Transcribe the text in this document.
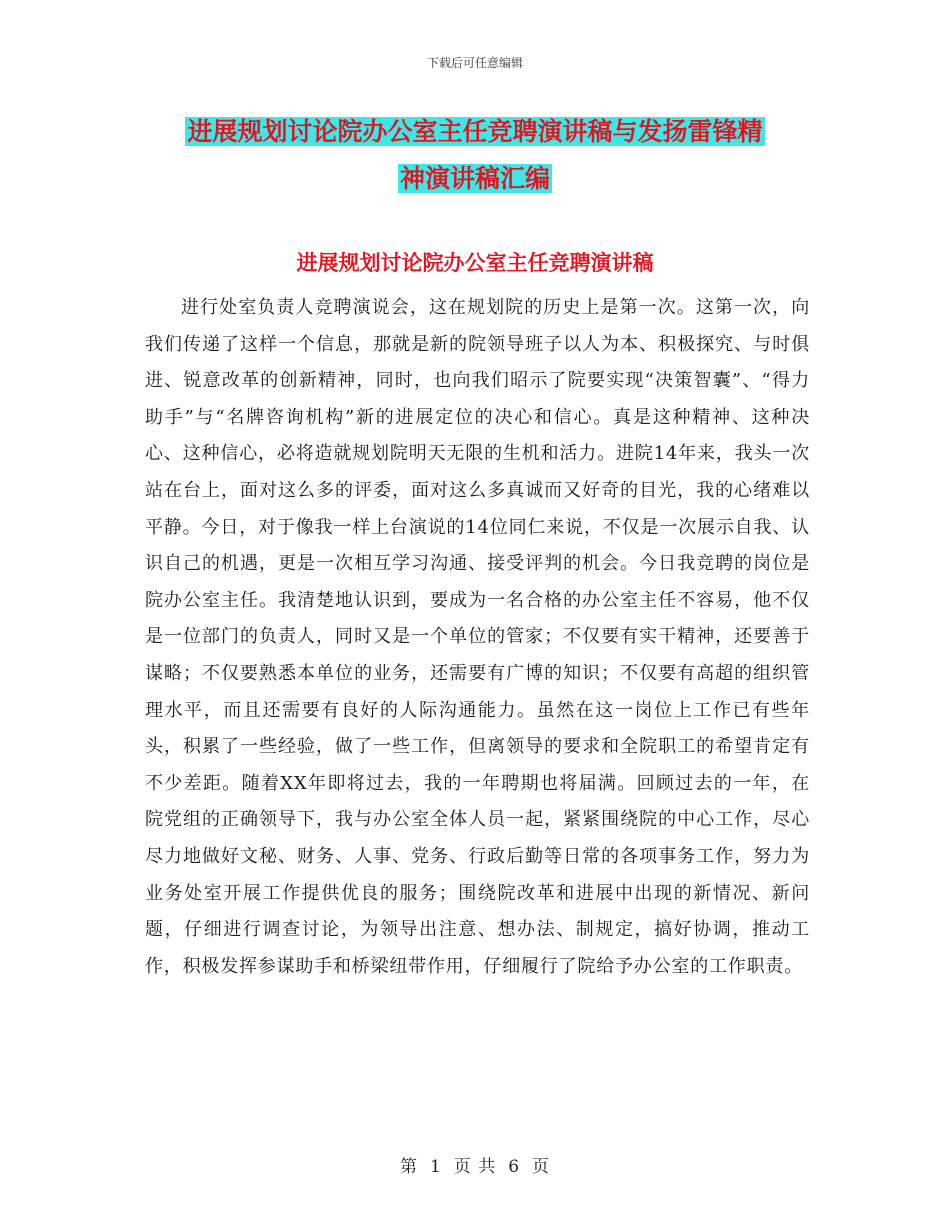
下载后可任意编辑
进展规划讨论院办公室主任竞聘演讲稿与发扬雷锋精
神演讲稿汇编
进展规划讨论院办公室主任竞聘演讲稿
进行处室负责人竞聘演说会，这在规划院的历史上是第一次。这第一次，向我们传递了这样一个信息，那就是新的院领导班子以人为本、积极探究、与时俱进、锐意改革的创新精神，同时，也向我们昭示了院要实现“决策智囊”、“得力助手”与“名牌咨询机构”新的进展定位的决心和信心。真是这种精神、这种决心、这种信心，必将造就规划院明天无限的生机和活力。进院14年来，我头一次站在台上，面对这么多的评委，面对这么多真诚而又好奇的目光，我的心绪难以平静。今日，对于像我一样上台演说的14位同仁来说，不仅是一次展示自我、认识自己的机遇，更是一次相互学习沟通、接受评判的机会。今日我竞聘的岗位是院办公室主任。我清楚地认识到，要成为一名合格的办公室主任不容易，他不仅是一位部门的负责人，同时又是一个单位的管家；不仅要有实干精神，还要善于谋略；不仅要熟悉本单位的业务，还需要有广博的知识；不仅要有高超的组织管理水平，而且还需要有良好的人际沟通能力。虽然在这一岗位上工作已有些年头，积累了一些经验，做了一些工作，但离领导的要求和全院职工的希望肯定有不少差距。随着XX年即将过去，我的一年聘期也将届满。回顾过去的一年，在院党组的正确领导下，我与办公室全体人员一起，紧紧围绕院的中心工作，尽心尽力地做好文秘、财务、人事、党务、行政后勤等日常的各项事务工作，努力为业务处室开展工作提供优良的服务；围绕院改革和进展中出现的新情况、新问题，仔细进行调查讨论，为领导出注意、想办法、制规定，搞好协调，推动工作，积极发挥参谋助手和桥梁纽带作用，仔细履行了院给予办公室的工作职责。
第 1 页 共 6 页
